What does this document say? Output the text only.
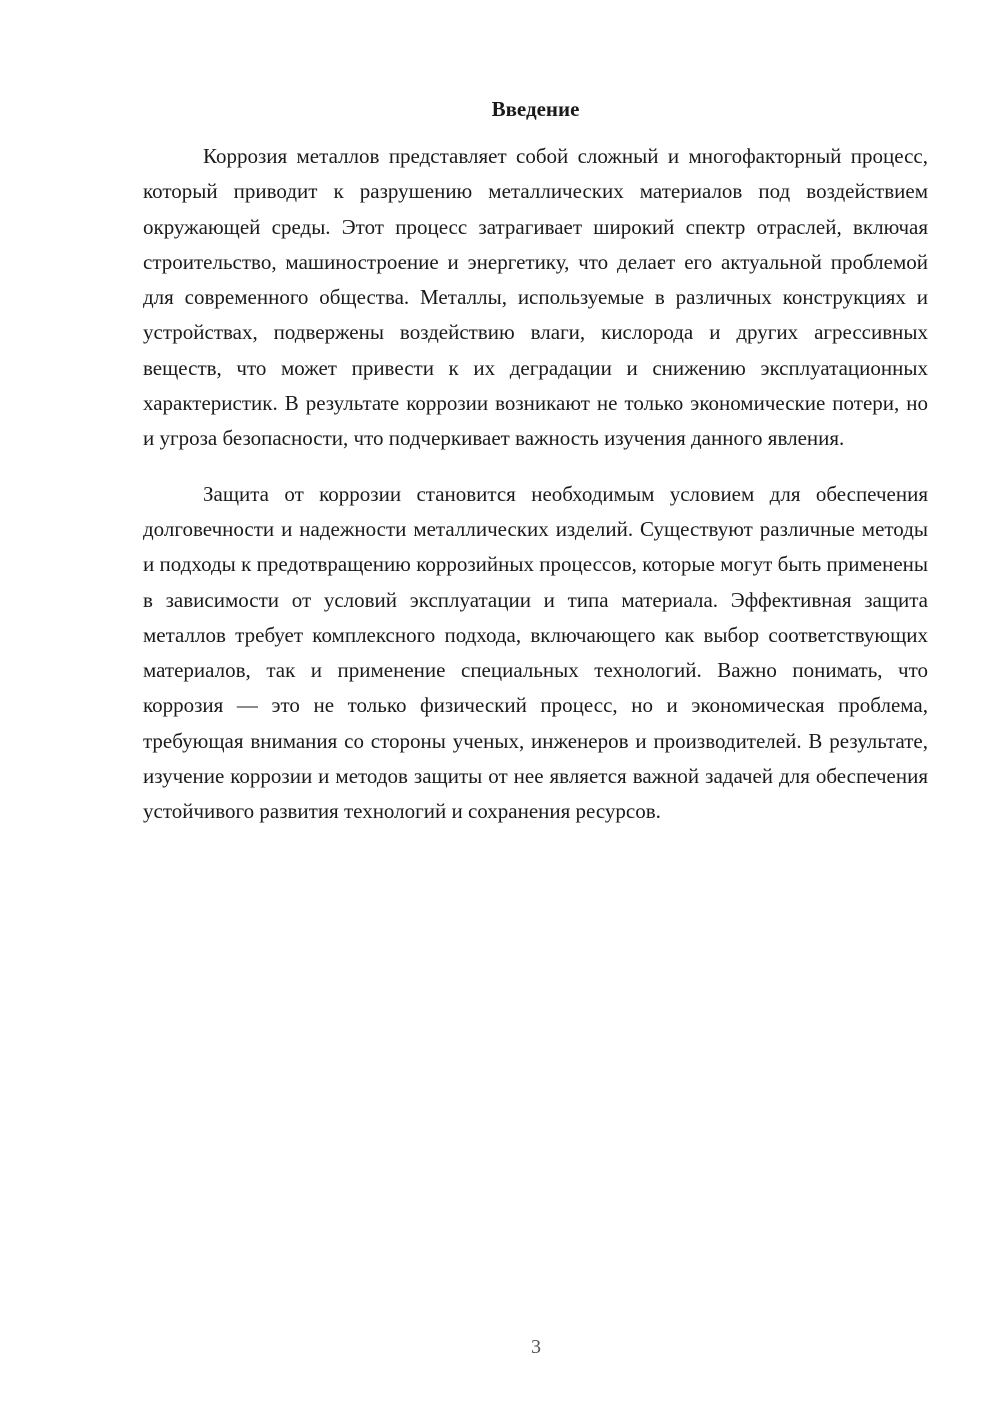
Введение

Коррозия металлов представляет собой сложный и многофакторный процесс, который приводит к разрушению металлических материалов под воздействием окружающей среды. Этот процесс затрагивает широкий спектр отраслей, включая строительство, машиностроение и энергетику, что делает его актуальной проблемой для современного общества. Металлы, используемые в различных конструкциях и устройствах, подвержены воздействию влаги, кислорода и других агрессивных веществ, что может привести к их деградации и снижению эксплуатационных характеристик. В результате коррозии возникают не только экономические потери, но и угроза безопасности, что подчеркивает важность изучения данного явления.

Защита от коррозии становится необходимым условием для обеспечения долговечности и надежности металлических изделий. Существуют различные методы и подходы к предотвращению коррозийных процессов, которые могут быть применены в зависимости от условий эксплуатации и типа материала. Эффективная защита металлов требует комплексного подхода, включающего как выбор соответствующих материалов, так и применение специальных технологий. Важно понимать, что коррозия — это не только физический процесс, но и экономическая проблема, требующая внимания со стороны ученых, инженеров и производителей. В результате, изучение коррозии и методов защиты от нее является важной задачей для обеспечения устойчивого развития технологий и сохранения ресурсов.

3
